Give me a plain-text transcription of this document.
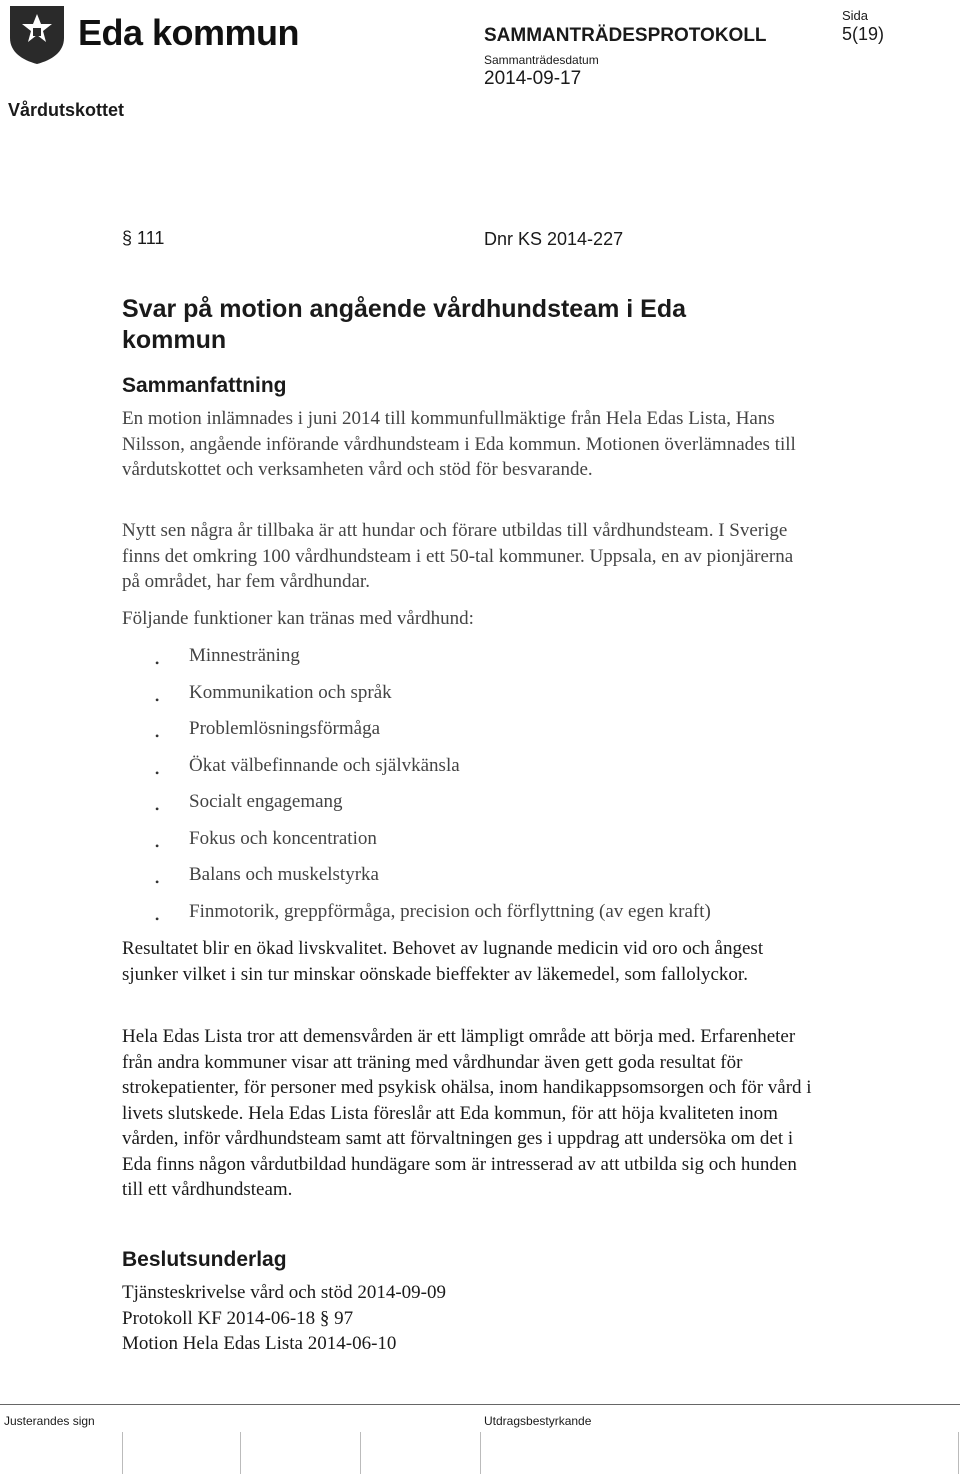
Eda kommun	SAMMANTRÄDESPROTOKOLL
Sammanträdesdatum
2014-09-17
Sida
5(19)
Vårdutskottet
§ 111	Dnr KS 2014-227
Svar på motion angående vårdhundsteam i Eda kommun
Sammanfattning

En motion inlämnades i juni 2014 till kommunfullmäktige från Hela Edas Lista, Hans Nilsson, angående införande vårdhundsteam i Eda kommun. Motionen överlämnades till vårdutskottet och verksamheten vård och stöd för besvarande.

Nytt sen några år tillbaka är att hundar och förare utbildas till vårdhundsteam. I Sverige finns det omkring 100 vårdhundsteam i ett 50-tal kommuner. Uppsala, en av pionjärerna på området, har fem vårdhundar.

Följande funktioner kan tränas med vårdhund:

• Minnesträning
• Kommunikation och språk
• Problemlösningsförmåga
• Ökat välbefinnande och självkänsla
• Socialt engagemang
• Fokus och koncentration
• Balans och muskelstyrka
• Finmotorik, greppförmåga, precision och förflyttning (av egen kraft)

Resultatet blir en ökad livskvalitet. Behovet av lugnande medicin vid oro och ångest sjunker vilket i sin tur minskar oönskade bieffekter av läkemedel, som fallolyckor.

Hela Edas Lista tror att demensvården är ett lämpligt område att börja med. Erfarenheter från andra kommuner visar att träning med vårdhundar även gett goda resultat för strokepatienter, för personer med psykisk ohälsa, inom handikappsomsorgen och för vård i livets slutskede. Hela Edas Lista föreslår att Eda kommun, för att höja kvaliteten inom vården, inför vårdhundsteam samt att förvaltningen ges i uppdrag att undersöka om det i Eda finns någon vårdutbildad hundägare som är intresserad av att utbilda sig och hunden till ett vårdhundsteam.

Beslutsunderlag
Tjänsteskrivelse vård och stöd 2014-09-09
Protokoll KF 2014-06-18 § 97
Motion Hela Edas Lista 2014-06-10
Justerandes sign	Utdragsbestyrkande
